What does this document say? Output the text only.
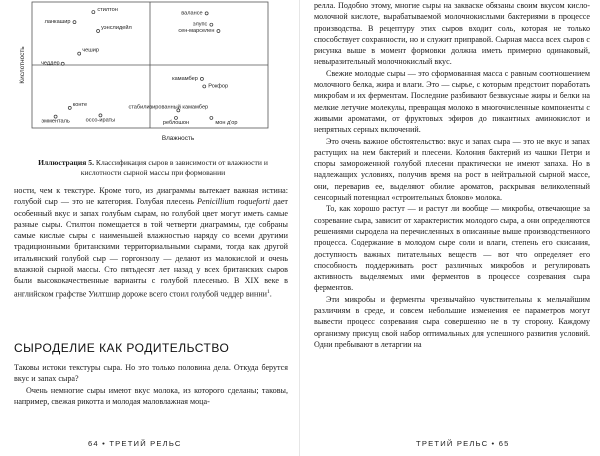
Кислотность
Влажность
стилтон
ланкашир
уэнслидейл
чешир
чеддер
валансе
элупс
сен-марселен
камамбер
Рокфор
конте
эмменталь	оссо-ираты
стабилизированный камамбер
реблошон	мон д'ор
Иллюстрация 5. Классификация сыров в зависимости от влажности и кислотности сырной массы при формовании

ности, чем к текстуре. Кроме того, из диаграммы вытекает важная истина: голубой сыр — это не категория. Голубая плесень Penicillium roqueforti дает особенный вкус и запах голубым сырам, но голубой цвет могут иметь самые разные сыры. Стилтон помещается в той четверти диаграммы, где собраны самые кислые сыры с наименьшей влажностью наряду со всеми другими традиционными британскими территориальными сырами, тогда как другой итальянский голубой сыр — горгонзолу — делают из малокислой и очень влажной сырной массы. Сто пятьдесят лет назад у всех британских сыров были высококачественные варианты с голубой плесенью. В XIX веке в английском графстве Уилтшир дороже всего стоил голубой чеддер винни$^1$.

СЫРОДЕЛИЕ КАК РОДИТЕЛЬСТВО

Таковы истоки текстуры сыра. Но это только половина дела. Откуда берутся вкус и запах сыра?

Очень немногие сыры имеют вкус молока, из которого сделаны; таковы, например, свежая рикотта и молодая маловлажная моца-

64 • ТРЕТИЙ РЕЛЬС

релла. Подобно этому, многие сыры на закваске обязаны своим вкусом кисло-молочной кислоте, вырабатываемой молочнокислыми бактериями в процессе производства. В рецептуру этих сыров входит соль, которая не только способствует сохранности, но и служит приправой. Сырная масса всех сыров с рисунка выше в момент формовки должна иметь примерно одинаковый, невыразительный молочнокислый вкус.

Свежие молодые сыры — это сформованная масса с равным соотношением молочного белка, жира и влаги. Это — сырье, с которым предстоит поработать микробам и их ферментам. Последние разбивают безвкусные жиры и белки на мелкие летучие молекулы, превращая молоко в многочисленные компоненты с живыми ароматами, от фруктовых эфиров до пикантных аминокислот и непрятных серных включений.

Это очень важное обстоятельство: вкус и запах сыра — это не вкус и запах растущих на нем бактерий и плесени. Колония бактерий из чашки Петри и споры замороженной голубой плесени практически не имеют запаха. Но в надлежащих условиях, получив время на рост в нейтральной сырной массе, они, переварив ее, выделяют обилие ароматов, раскрывая великолепный сенсорный потенциал «строительных блоков» молока.

То, как хорошо растут — и растут ли вообще — микробы, отвечающие за созревание сыра, зависит от характеристик молодого сыра, а они определяются решениями сыродела на перечисленных в описанные выше производственного процесса. Содержание в молодом сыре соли и влаги, степень его скисания, доступность важных питательных веществ — вот что определяет его способность поддерживать рост различных микробов и регулировать активность выделяемых ими ферментов в процессе созревания сыра ферментов.

Эти микробы и ферменты чрезвычайно чувствительны к мельчайшим различиям в среде, и совсем небольшие изменения ее параметров могут вывести процесс созревания сыра совершенно не в ту сторону. Каждому организму присущ свой набор оптимальных для успешного развития условий. Одни пребывают в летаргии на

ТРЕТИЙ РЕЛЬС • 65
